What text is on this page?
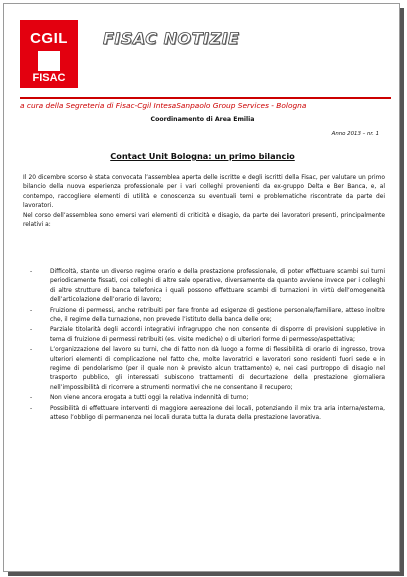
CGIL
FISAC
FISAC NOTIZIE
a cura della Segreteria di Fisac-Cgil IntesaSanpaolo Group Services - Bologna
Coordinamento di Area Emilia
Anno 2013 – nr. 1
Contact Unit Bologna: un primo bilancio

Il 20 dicembre scorso è stata convocata l’assemblea aperta delle iscritte e degli iscritti della Fisac, per valutare un primo bilancio della nuova esperienza professionale per i vari colleghi provenienti da ex-gruppo Delta e Ber Banca, e, al contempo, raccogliere elementi di utilità e conoscenza su eventuali temi e problematiche riscontrate da parte dei lavoratori.

Nel corso dell’assemblea sono emersi vari elementi di criticità e disagio, da parte dei lavoratori presenti, principalmente relativi a:

-	Difficoltà, stante un diverso regime orario e della prestazione professionale, di poter effettuare scambi sui turni periodicamente fissati, coi colleghi di altre sale operative, diversamente da quanto avviene invece per i colleghi di altre strutture di banca telefonica i quali possono effettuare scambi di turnazioni in virtù dell’omogeneità dell’articolazione dell’orario di lavoro;
-	Fruizione di permessi, anche retribuiti per fare fronte ad esigenze di gestione personale/familiare, atteso inoltre che, il regime della turnazione, non prevede l’istituto della banca delle ore;
-	Parziale titolarità degli accordi integrativi infragruppo che non consente di disporre di previsioni suppletive in tema di fruizione di permessi retribuiti (es. visite mediche) o di ulteriori forme di permesso/aspettativa;
-	L’organizzazione del lavoro su turni, che di fatto non dà luogo a forme di flessibilità di orario di ingresso, trova ulteriori elementi di complicazione nel fatto che, molte lavoratrici e lavoratori sono residenti fuori sede e in regime di pendolarismo (per il quale non è previsto alcun trattamento) e, nei casi purtroppo di disagio nel trasporto pubblico, gli interessati subiscono trattamenti di decurtazione della prestazione giornaliera nell’impossibilità di ricorrere a strumenti normativi che ne consentano il recupero;
-	Non viene ancora erogata a tutti oggi la relativa indennità di turno;
-	Possibilità di effettuare interventi di maggiore aereazione dei locali, potenziando il mix tra aria interna/esterna, atteso l’obbligo di permanenza nei locali durata tutta la durata della prestazione lavorativa.
